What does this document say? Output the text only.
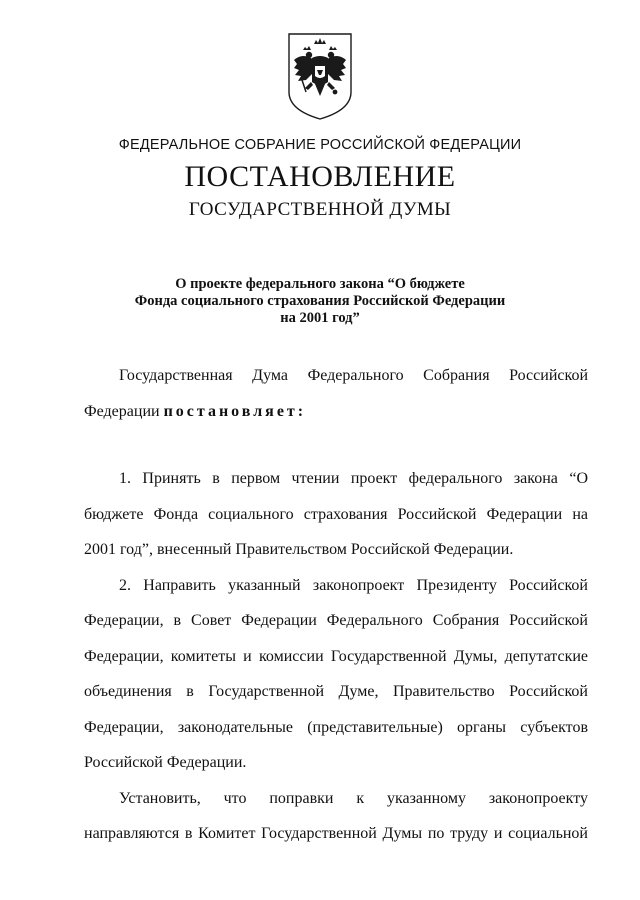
ФЕДЕРАЛЬНОЕ СОБРАНИЕ РОССИЙСКОЙ ФЕДЕРАЦИИ
ПОСТАНОВЛЕНИЕ
ГОСУДАРСТВЕННОЙ ДУМЫ
О проекте федерального закона “О бюджете
Фонда социального страхования Российской Федерации
на 2001 год”
Государственная Дума Федерального Собрания Российской
Федерации постановляет:
1. Принять в первом чтении проект федерального закона “О
бюджете Фонда социального страхования Российской Федерации на
2001 год”, внесенный Правительством Российской Федерации.
2. Направить указанный законопроект Президенту Российской
Федерации, в Совет Федерации Федерального Собрания Российской
Федерации, комитеты и комиссии Государственной Думы, депутатские
объединения в Государственной Думе, Правительство Российской
Федерации, законодательные (представительные) органы субъектов
Российской Федерации.
Установить, что поправки к указанному законопроекту
направляются в Комитет Государственной Думы по труду и социальной
